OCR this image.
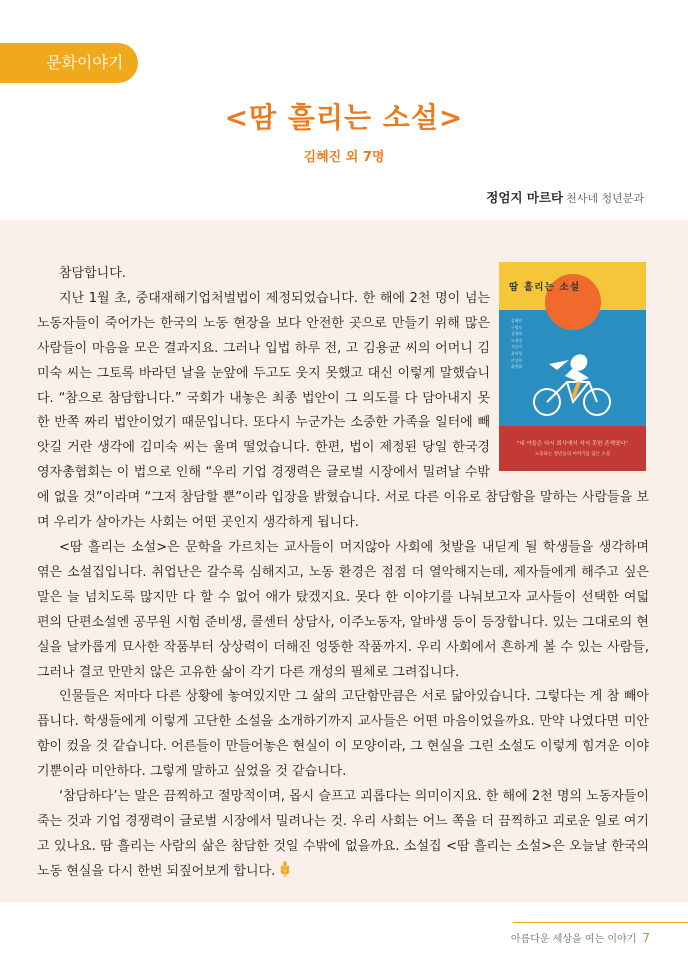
문화이야기
<땀 흘리는 소설>
김혜진 외 7명
정엄지 마르타 천사네 청년분과
땀 흘리는 소설
김혜진
구병모
김세희
도재경
서유미
윤이형
이상희
최정화
"내 아들은 다시 회사에서 자지 못한 존재였다"
노동하는 청년들의 이야기를 담은 소설

참담합니다.

지난 1월 초, 중대재해기업처벌법이 제정되었습니다. 한 해에 2천 명이 넘는 노동자들이 죽어가는 한국의 노동 현장을 보다 안전한 곳으로 만들기 위해 많은 사람들이 마음을 모은 결과지요. 그러나 입법 하루 전, 고 김용균 씨의 어머니 김미숙 씨는 그토록 바라던 날을 눈앞에 두고도 웃지 못했고 대신 이렇게 말했습니다. “참으로 참담합니다.” 국회가 내놓은 최종 법안이 그 의도를 다 담아내지 못한 반쪽 짜리 법안이었기 때문입니다. 또다시 누군가는 소중한 가족을 일터에 빼앗길 거란 생각에 김미숙 씨는 울며 떨었습니다. 한편, 법이 제정된 당일 한국경영자총협회는 이 법으로 인해 “우리 기업 경쟁력은 글로벌 시장에서 밀려날 수밖에 없을 것”이라며 “그저 참담할 뿐”이라 입장을 밝혔습니다. 서로 다른 이유로 참담함을 말하는 사람들을 보며 우리가 살아가는 사회는 어떤 곳인지 생각하게 됩니다.

<땀 흘리는 소설>은 문학을 가르치는 교사들이 머지않아 사회에 첫발을 내딛게 될 학생들을 생각하며 엮은 소설집입니다. 취업난은 갈수록 심해지고, 노동 환경은 점점 더 열악해지는데, 제자들에게 해주고 싶은 말은 늘 넘치도록 많지만 다 할 수 없어 애가 탔겠지요. 못다 한 이야기를 나눠보고자 교사들이 선택한 여덟 편의 단편소설엔 공무원 시험 준비생, 콜센터 상담사, 이주노동자, 알바생 등이 등장합니다. 있는 그대로의 현실을 날카롭게 묘사한 작품부터 상상력이 더해진 엉뚱한 작품까지. 우리 사회에서 흔하게 볼 수 있는 사람들, 그러나 결코 만만치 않은 고유한 삶이 각기 다른 개성의 필체로 그려집니다.

인물들은 저마다 다른 상황에 놓여있지만 그 삶의 고단함만큼은 서로 닮아있습니다. 그렇다는 게 참 빼아픕니다. 학생들에게 이렇게 고단한 소설을 소개하기까지 교사들은 어떤 마음이었을까요. 만약 나였다면 미안함이 컸을 것 같습니다. 어른들이 만들어놓은 현실이 이 모양이라, 그 현실을 그린 소설도 이렇게 힘겨운 이야기뿐이라 미안하다. 그렇게 말하고 싶었을 것 같습니다.

‘참담하다’는 말은 끔찍하고 절망적이며, 몹시 슬프고 괴롭다는 의미이지요. 한 해에 2천 명의 노동자들이 죽는 것과 기업 경쟁력이 글로벌 시장에서 밀려나는 것. 우리 사회는 어느 쪽을 더 끔찍하고 괴로운 일로 여기고 있나요. 땀 흘리는 사람의 삶은 참담한 것일 수밖에 없을까요. 소설집 <땀 흘리는 소설>은 오늘날 한국의 노동 현실을 다시 한번 되짚어보게 합니다.

아름다운 세상을 여는 이야기 7
